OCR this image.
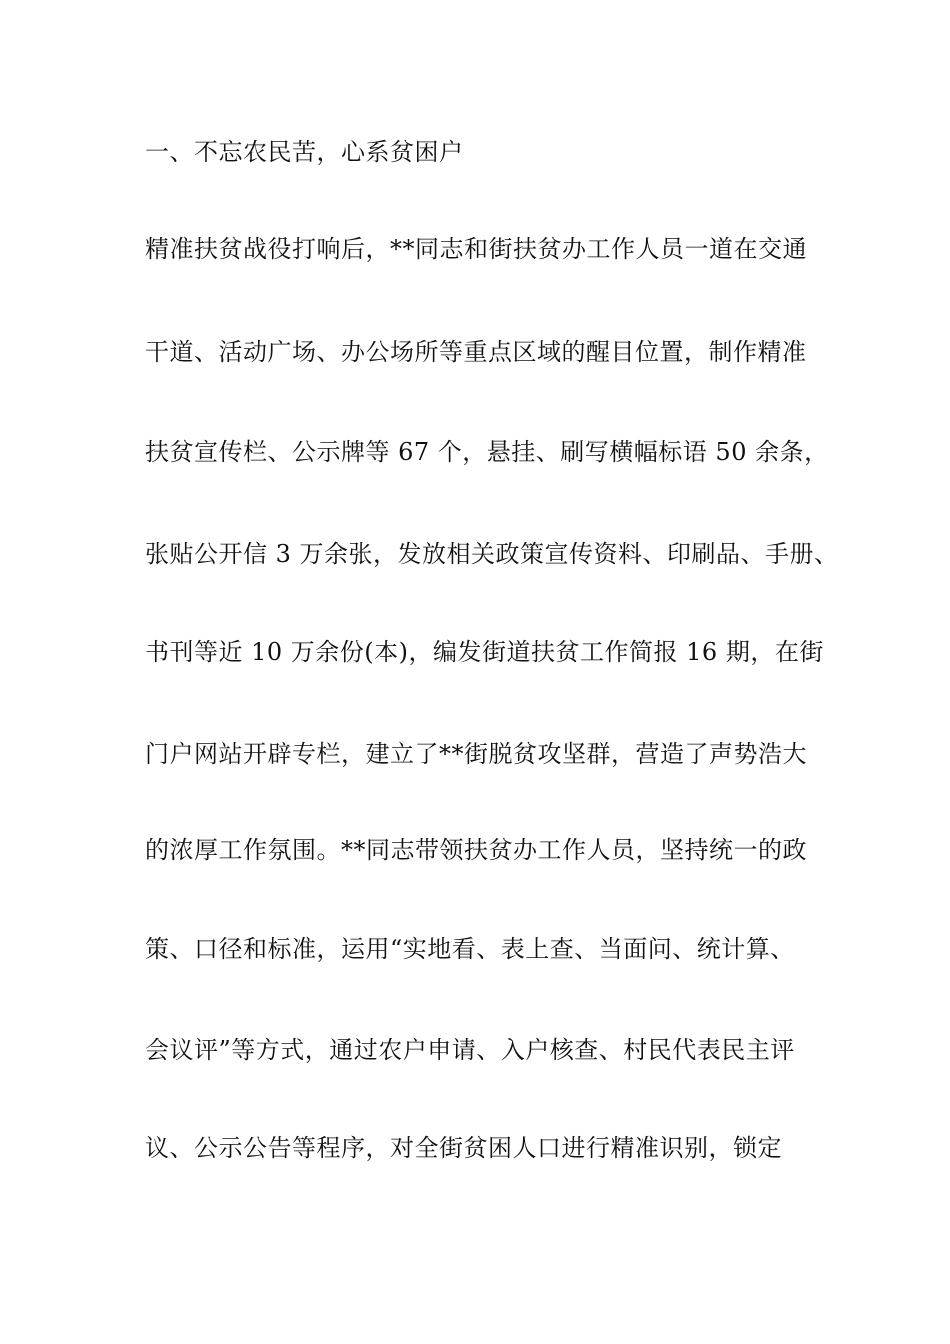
一、不忘农民苦，心系贫困户
精准扶贫战役打响后，**同志和街扶贫办工作人员一道在交通
干道、活动广场、办公场所等重点区域的醒目位置，制作精准
扶贫宣传栏、公示牌等 67 个，悬挂、刷写横幅标语 50 余条，
张贴公开信 3 万余张，发放相关政策宣传资料、印刷品、手册、
书刊等近 10 万余份(本)，编发街道扶贫工作简报 16 期，在街
门户网站开辟专栏，建立了**街脱贫攻坚群，营造了声势浩大
的浓厚工作氛围。**同志带领扶贫办工作人员，坚持统一的政
策、口径和标准，运用“实地看、表上查、当面问、统计算、
会议评”等方式，通过农户申请、入户核查、村民代表民主评
议、公示公告等程序，对全街贫困人口进行精准识别，锁定
